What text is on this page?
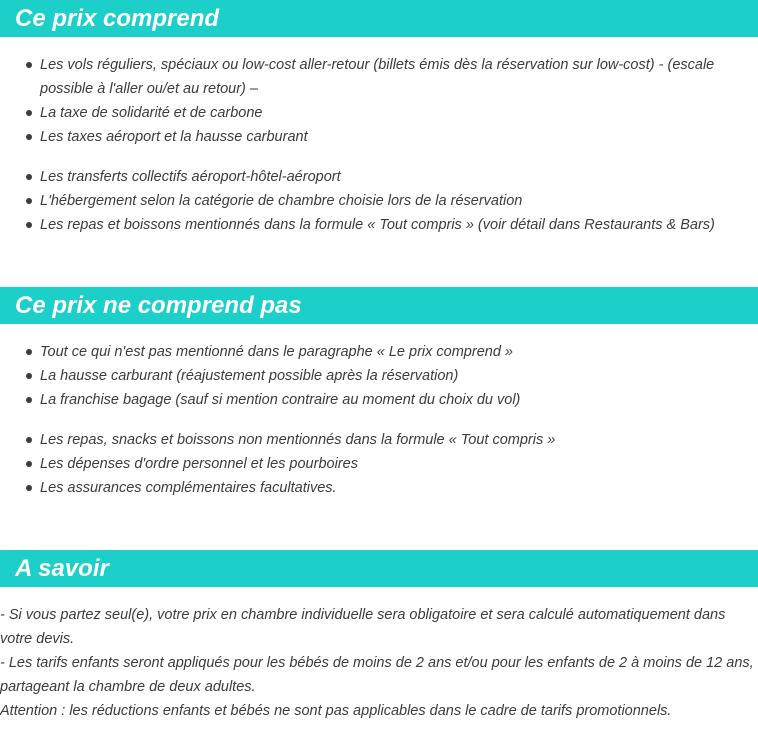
Ce prix comprend
Les vols réguliers, spéciaux ou low-cost aller-retour (billets émis dès la réservation sur low-cost) - (escale possible à l'aller ou/et au retour) –
La taxe de solidarité et de carbone
Les taxes aéroport et la hausse carburant
Les transferts collectifs aéroport-hôtel-aéroport
L'hébergement selon la catégorie de chambre choisie lors de la réservation
Les repas et boissons mentionnés dans la formule « Tout compris » (voir détail dans Restaurants & Bars)
Ce prix ne comprend pas
Tout ce qui n'est pas mentionné dans le paragraphe « Le prix comprend »
La hausse carburant (réajustement possible après la réservation)
La franchise bagage (sauf si mention contraire au moment du choix du vol)
Les repas, snacks et boissons non mentionnés dans la formule « Tout compris »
Les dépenses d'ordre personnel et les pourboires
Les assurances complémentaires facultatives.
A savoir

- Si vous partez seul(e), votre prix en chambre individuelle sera obligatoire et sera calculé automatiquement dans votre devis.

- Les tarifs enfants seront appliqués pour les bébés de moins de 2 ans et/ou pour les enfants de 2 à moins de 12 ans, partageant la chambre de deux adultes.

Attention : les réductions enfants et bébés ne sont pas applicables dans le cadre de tarifs promotionnels.
